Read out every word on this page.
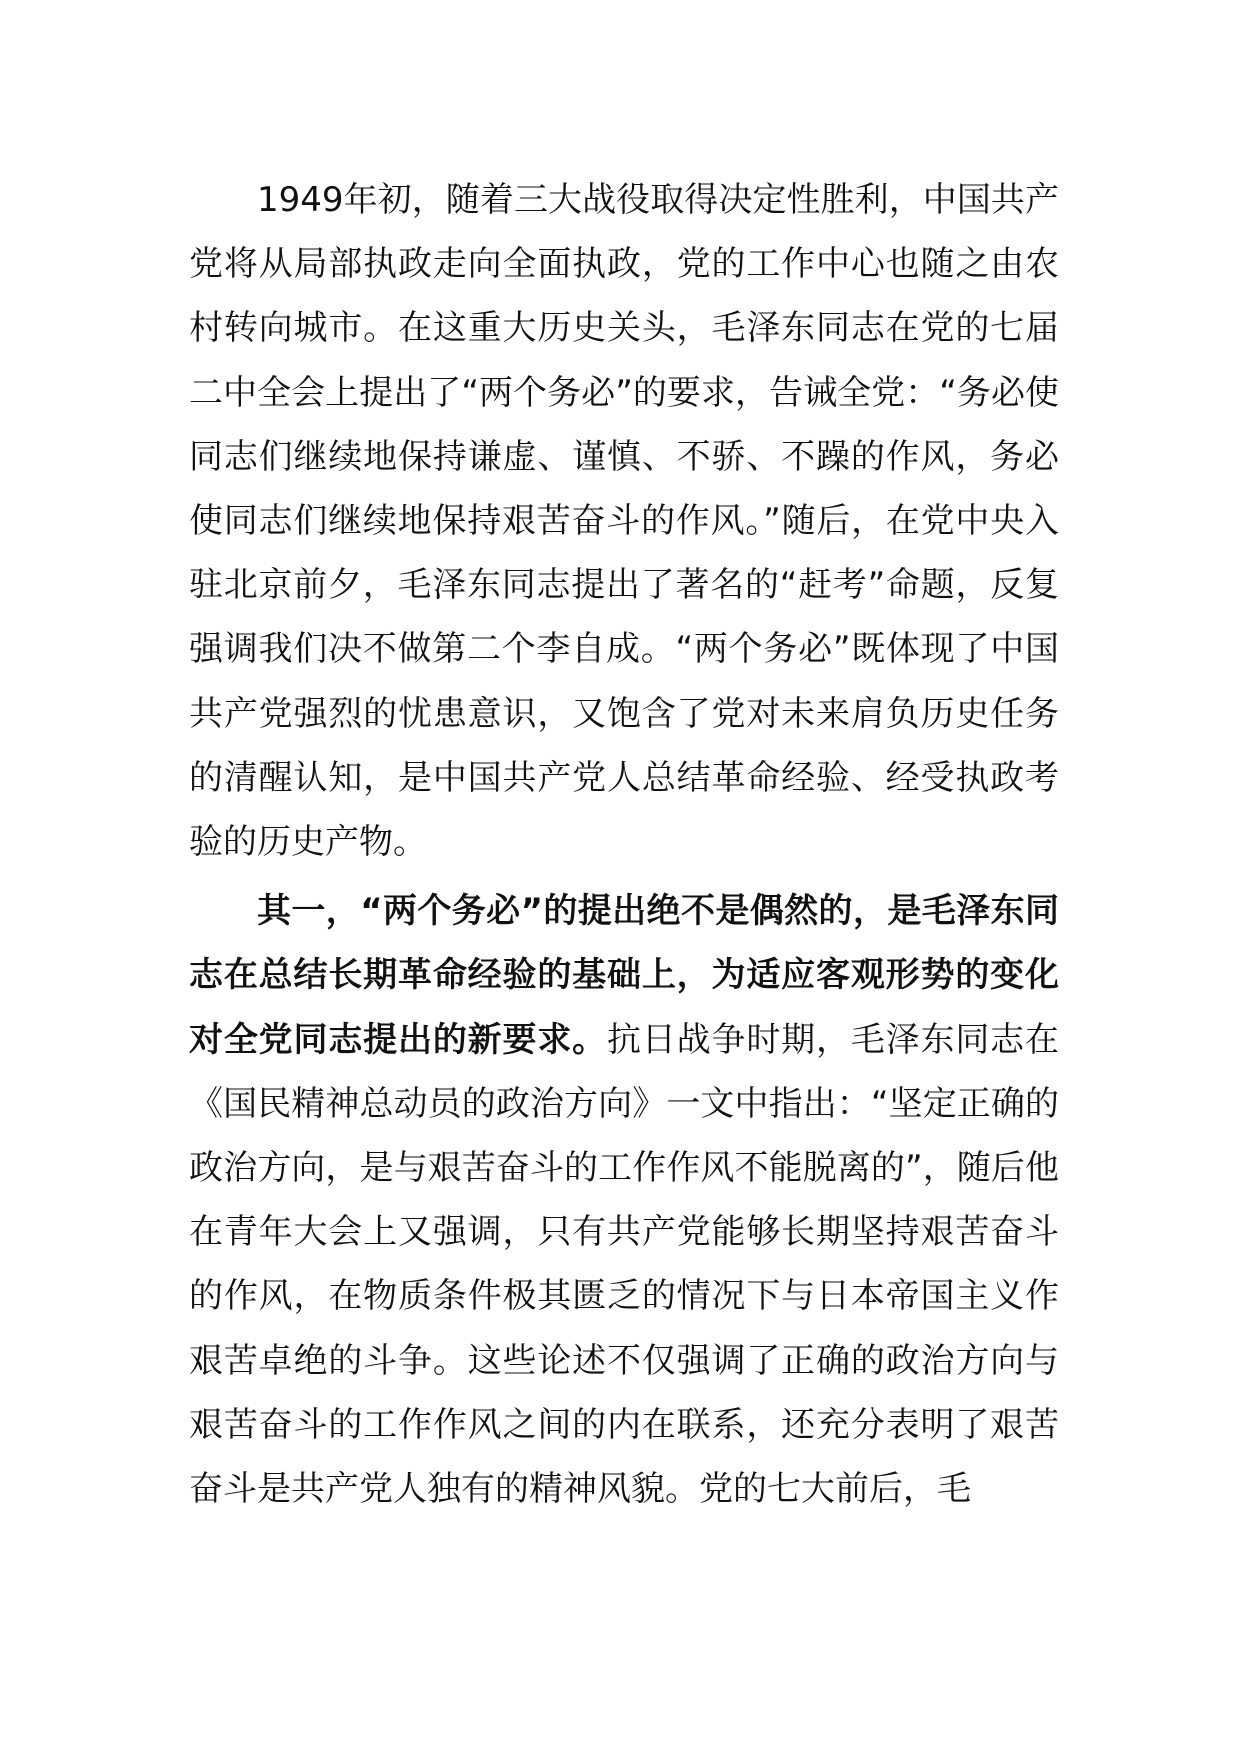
1949年初，随着三大战役取得决定性胜利，中国共产党将从局部执政走向全面执政，党的工作中心也随之由农村转向城市。在这重大历史关头，毛泽东同志在党的七届二中全会上提出了“两个务必”的要求，告诫全党：“务必使同志们继续地保持谦虚、谨慎、不骄、不躁的作风，务必使同志们继续地保持艰苦奋斗的作风。”随后，在党中央入驻北京前夕，毛泽东同志提出了著名的“赶考”命题，反复强调我们决不做第二个李自成。“两个务必”既体现了中国共产党强烈的忧患意识，又饱含了党对未来肩负历史任务的清醒认知，是中国共产党人总结革命经验、经受执政考验的历史产物。

其一，“两个务必”的提出绝不是偶然的，是毛泽东同志在总结长期革命经验的基础上，为适应客观形势的变化对全党同志提出的新要求。抗日战争时期，毛泽东同志在《国民精神总动员的政治方向》一文中指出：“坚定正确的政治方向，是与艰苦奋斗的工作作风不能脱离的”，随后他在青年大会上又强调，只有共产党能够长期坚持艰苦奋斗的作风，在物质条件极其匮乏的情况下与日本帝国主义作艰苦卓绝的斗争。这些论述不仅强调了正确的政治方向与艰苦奋斗的工作作风之间的内在联系，还充分表明了艰苦奋斗是共产党人独有的精神风貌。党的七大前后，毛
